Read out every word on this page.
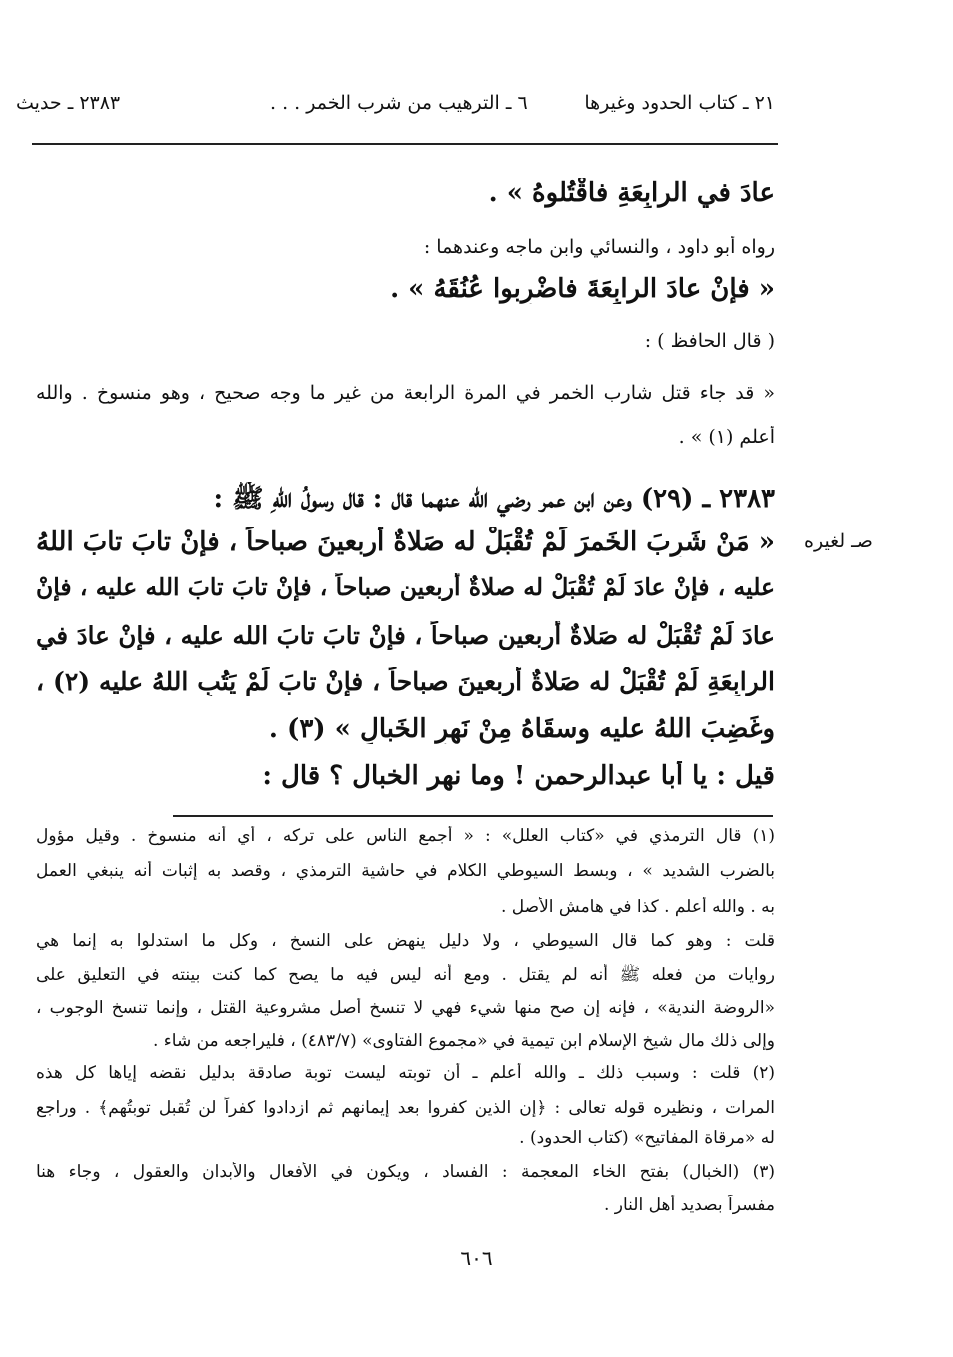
٢١ ـ كتاب الحدود وغيرها
٦ ـ الترهيب من شرب الخمر . . .
٢٣٨٣ ـ حديث
عادَ في الرابِعَةِ فاقْتُلوهُ » .
رواه أبو داود ، والنسائي وابن ماجه وعندهما :
« فإنْ عادَ الرابِعَةَ فاضْرِبوا عُنُقَهُ » .
( قال الحافظ ) :
« قد جاء قتل شارب الخمر في المرة الرابعة من غير ما وجه صحيح ، وهو منسوخ . والله
أعلم (١) » .
٢٣٨٣ ـ (٢٩) وعن ابن عمر رضي الله عنهما قال : قال رسولُ اللهِ ﷺ :
صـ لغيره
« مَنْ شَرِبَ الخَمرَ لَمْ تُقْبَلْ له صَلاةٌ أربعينَ صباحاً ، فإنْ تابَ تابَ اللهُ
عليه ، فإنْ عادَ لَمْ تُقْبَلْ له صلاةٌ أربعين صباحاً ، فإنْ تابَ تابَ الله عليه ، فإنْ
عادَ لَمْ تُقْبَلْ له صَلاةٌ أربعين صباحاً ، فإنْ تابَ تابَ الله عليه ، فإنْ عادَ في
الرابِعَةِ لَمْ تُقْبَلْ له صَلاةٌ أربعينَ صباحاً ، فإنْ تابَ لَمْ يَتُبِ اللهُ عليه (٢) ،
وغَضِبَ اللهُ عليه وسقَاهُ مِنْ نَهرِ الخَبالِ » (٣) .
قيل : يا أبا عبدالرحمن ! وما نهر الخبال ؟ قال :
(١) قال الترمذي في «كتاب العلل» : « أجمع الناس على تركه ، أي أنه منسوخ . وقيل مؤول
بالضرب الشديد » ، وبسط السيوطي الكلام في حاشية الترمذي ، وقصد به إثبات أنه ينبغي العمل
به . والله أعلم . كذا في هامش الأصل .
قلت : وهو كما قال السيوطي ، ولا دليل ينهض على النسخ ، وكل ما استدلوا به إنما هي
روايات من فعله ﷺ أنه لم يقتل . ومع أنه ليس فيه ما يصح كما كنت بينته في التعليق على
«الروضة الندية» ، فإنه إن صح منها شيء فهي لا تنسخ أصل مشروعية القتل ، وإنما تنسخ الوجوب ،
وإلى ذلك مال شيخ الإسلام ابن تيمية في «مجموع الفتاوى» (٤٨٣/٧) ، فليراجعه من شاء .
(٢) قلت : وسبب ذلك ـ والله أعلم ـ أن توبته ليست توبة صادقة بدليل نقضه إياها كل هذه
المرات ، ونظيره قوله تعالى : ﴿إن الذين كفروا بعد إيمانهم ثم ازدادوا كفراً لن تُقبل توبتُهم﴾ . وراجع
له «مرقاة المفاتيح» (كتاب الحدود) .
(٣) (الخبال) بفتح الخاء المعجمة : الفساد ، ويكون في الأفعال والأبدان والعقول ، وجاء هنا
مفسراً بصديد أهل النار .
٦٠٦
